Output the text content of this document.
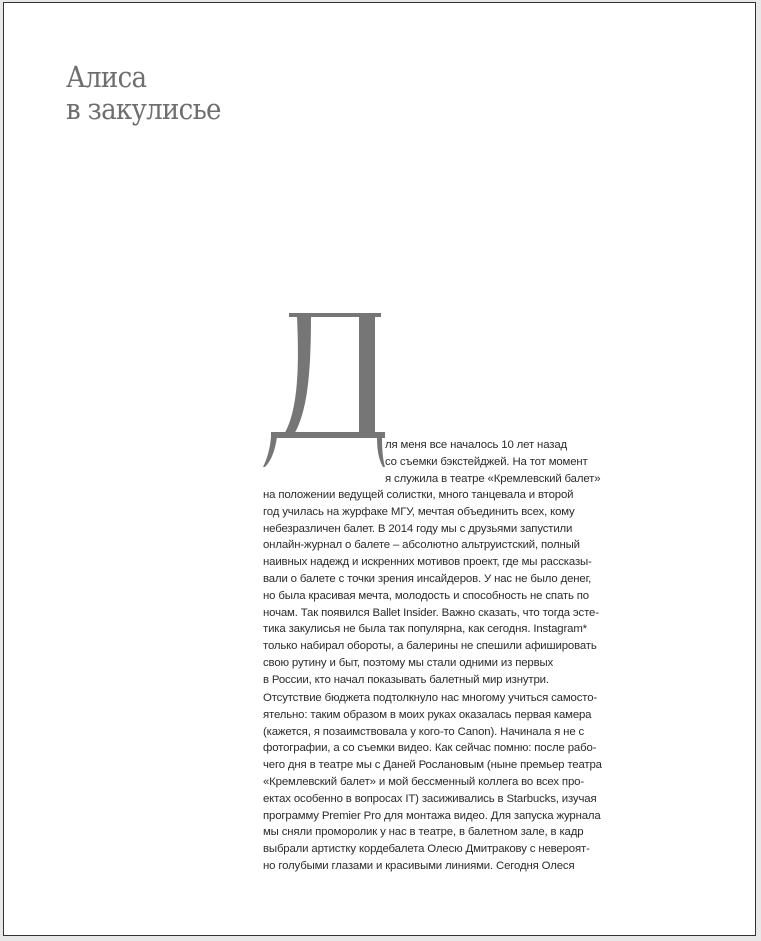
Алиса
в закулисье
ля меня все началось 10 лет назад
со съемки бэкстейджей. На тот момент
я служила в театре «Кремлевский балет»
на положении ведущей солистки, много танцевала и второй
год училась на журфаке МГУ, мечтая объединить всех, кому
небезразличен балет. В 2014 году мы с друзьями запустили
онлайн-журнал о балете – абсолютно альтруистский, полный
наивных надежд и искренних мотивов проект, где мы рассказы-
вали о балете с точки зрения инсайдеров. У нас не было денег,
но была красивая мечта, молодость и способность не спать по
ночам. Так появился Ballet Insider. Важно сказать, что тогда эсте-
тика закулисья не была так популярна, как сегодня. Instagram*
только набирал обороты, а балерины не спешили афишировать
свою рутину и быт, поэтому мы стали одними из первых
в России, кто начал показывать балетный мир изнутри.
Отсутствие бюджета подтолкнуло нас многому учиться самосто-
ятельно: таким образом в моих руках оказалась первая камера
(кажется, я позаимствовала у кого-то Canon). Начинала я не с
фотографии, а со съемки видео. Как сейчас помню: после рабо-
чего дня в театре мы с Даней Рослановым (ныне премьер театра
«Кремлевский балет» и мой бессменный коллега во всех про-
ектах особенно в вопросах IT) засиживались в Starbucks, изучая
программу Premier Pro для монтажа видео. Для запуска журнала
мы сняли проморолик у нас в театре, в балетном зале, в кадр
выбрали артистку кордебалета Олесю Дмитракову с невероят-
но голубыми глазами и красивыми линиями. Сегодня Олеся
